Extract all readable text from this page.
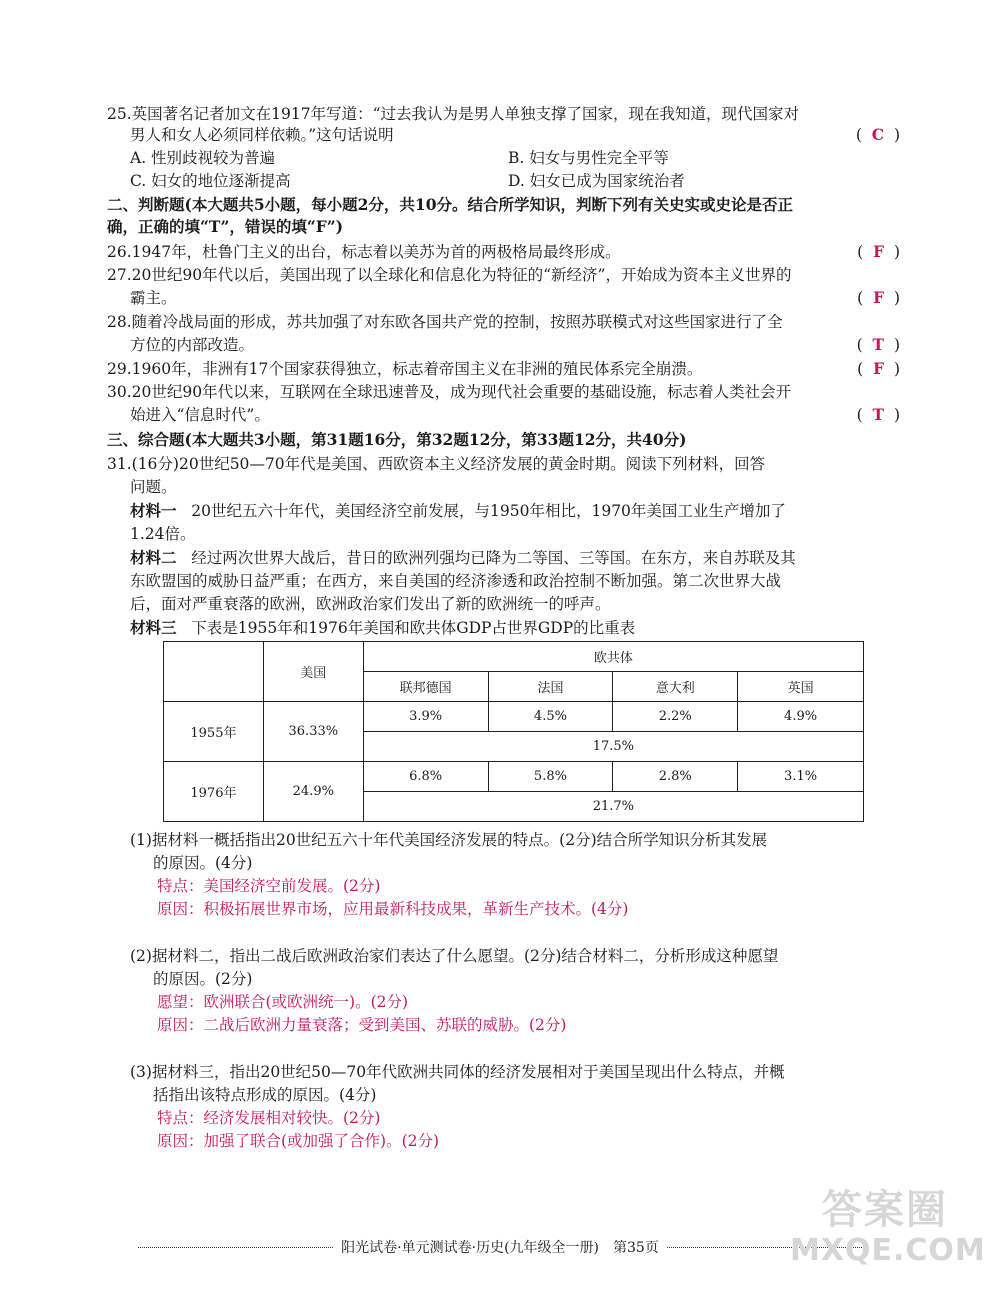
25.英国著名记者加文在1917年写道：“过去我认为是男人单独支撑了国家，现在我知道，现代国家对
男人和女人必须同样依赖。”这句话说明	(  C  )
A. 性别歧视较为普遍	B. 妇女与男性完全平等
C. 妇女的地位逐渐提高	D. 妇女已成为国家统治者
二、判断题(本大题共5小题，每小题2分，共10分。结合所学知识，判断下列有关史实或史论是否正
确，正确的填“T”，错误的填“F”)
26.1947年，杜鲁门主义的出台，标志着以美苏为首的两极格局最终形成。	(  F  )
27.20世纪90年代以后，美国出现了以全球化和信息化为特征的“新经济”，开始成为资本主义世界的
霸主。	(  F  )
28.随着冷战局面的形成，苏共加强了对东欧各国共产党的控制，按照苏联模式对这些国家进行了全
方位的内部改造。	(  T  )
29.1960年，非洲有17个国家获得独立，标志着帝国主义在非洲的殖民体系完全崩溃。	(  F  )
30.20世纪90年代以来，互联网在全球迅速普及，成为现代社会重要的基础设施，标志着人类社会开
始进入“信息时代”。	(  T  )
三、综合题(本大题共3小题，第31题16分，第32题12分，第33题12分，共40分)
31.(16分)20世纪50—70年代是美国、西欧资本主义经济发展的黄金时期。阅读下列材料，回答
问题。
材料一 20世纪五六十年代，美国经济空前发展，与1950年相比，1970年美国工业生产增加了
1.24倍。
材料二 经过两次世界大战后，昔日的欧洲列强均已降为二等国、三等国。在东方，来自苏联及其
东欧盟国的威胁日益严重；在西方，来自美国的经济渗透和政治控制不断加强。第二次世界大战
后，面对严重衰落的欧洲，欧洲政治家们发出了新的欧洲统一的呼声。
材料三 下表是1955年和1976年美国和欧共体GDP占世界GDP的比重表
	美国	欧共体			
		联邦德国	法国	意大利	英国
1955年	36.33%	3.9%	4.5%	2.2%	4.9%
		17.5%			
1976年	24.9%	6.8%	5.8%	2.8%	3.1%
		21.7%			
(1)据材料一概括指出20世纪五六十年代美国经济发展的特点。(2分)结合所学知识分析其发展
的原因。(4分)
特点：美国经济空前发展。(2分)
原因：积极拓展世界市场，应用最新科技成果，革新生产技术。(4分)
(2)据材料二，指出二战后欧洲政治家们表达了什么愿望。(2分)结合材料二，分析形成这种愿望
的原因。(2分)
愿望：欧洲联合(或欧洲统一)。(2分)
原因：二战后欧洲力量衰落；受到美国、苏联的威胁。(2分)
(3)据材料三，指出20世纪50—70年代欧洲共同体的经济发展相对于美国呈现出什么特点，并概
括指出该特点形成的原因。(4分)
特点：经济发展相对较快。(2分)
原因：加强了联合(或加强了合作)。(2分)
阳光试卷·单元测试卷·历史(九年级全一册) 第35页
答案圈
MXQE.COM
